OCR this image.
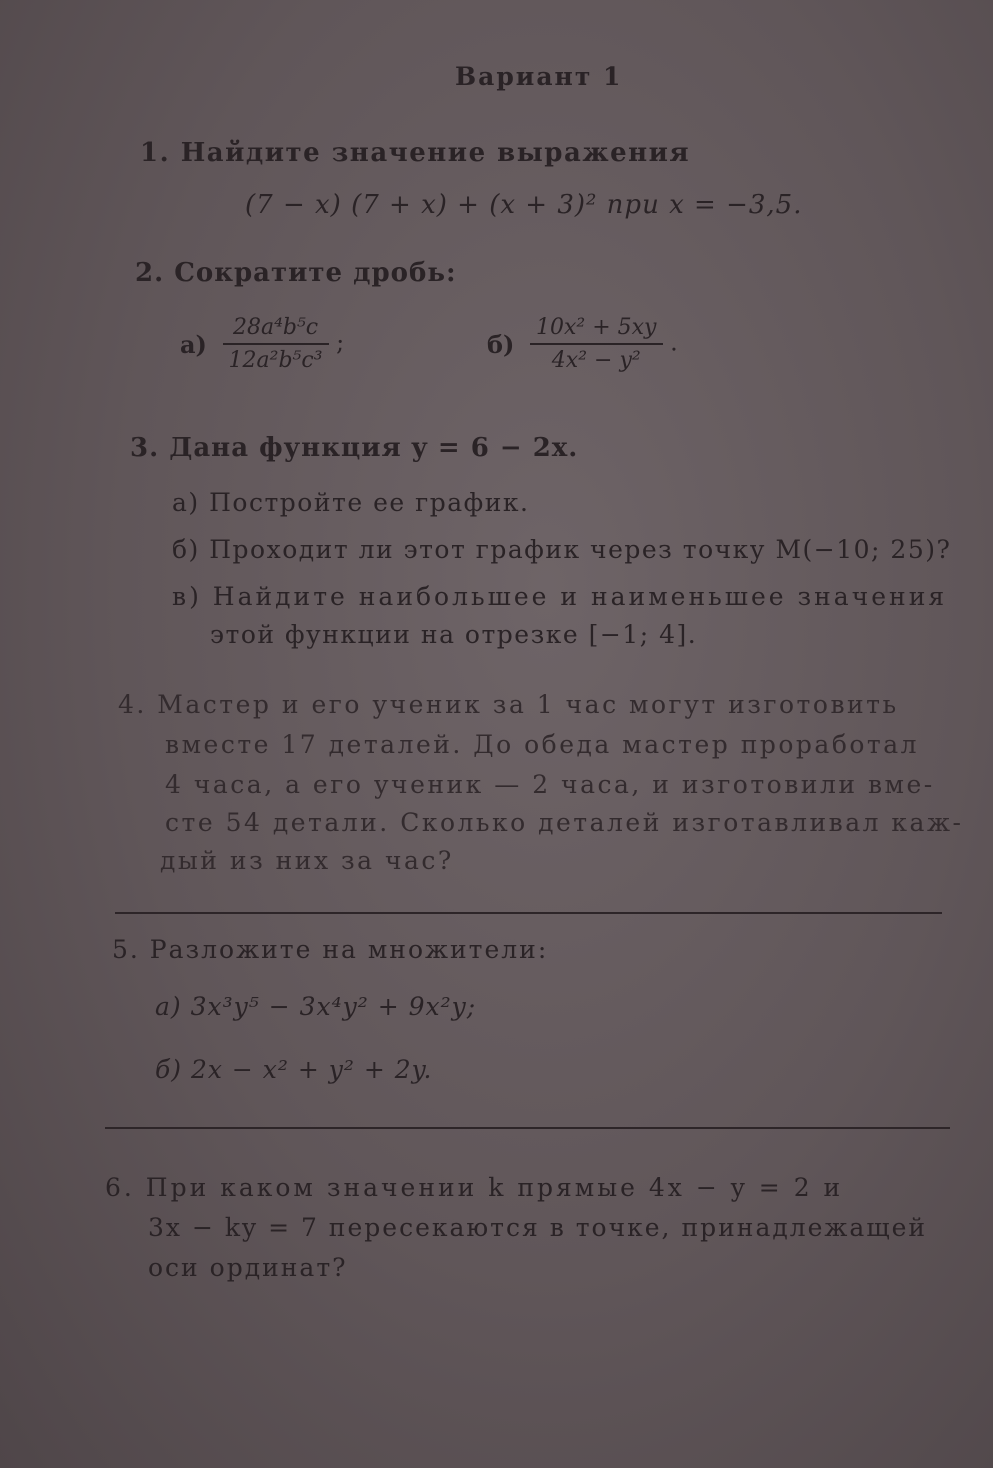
Вариант 1
1. Найдите значение выражения
(7 − x) (7 + x) + (x + 3)² при x = −3,5.
2. Сократите дробь:
$а) \frac{\text{28a⁴b⁵c}}{\text{12a²b⁵c³}}$ ;	$б) \frac{\text{10x² + 5xy}}{\text{4x² − y²}}$ .
3. Дана функция y = 6 − 2x.
а) Постройте ее график.
б) Проходит ли этот график через точку M(−10; 25)?
в) Найдите наибольшее и наименьшее значения
этой функции на отрезке [−1; 4].
4. Мастер и его ученик за 1 час могут изготовить
вместе 17 деталей. До обеда мастер проработал
4 часа, а его ученик — 2 часа, и изготовили вме-
сте 54 детали. Сколько деталей изготавливал каж-
дый из них за час?
5. Разложите на множители:
а) 3x³y⁵ − 3x⁴y² + 9x²y;
б) 2x − x² + y² + 2y.
6. При каком значении k прямые 4x − y = 2 и
3x − ky = 7 пересекаются в точке, принадлежащей
оси ординат?
